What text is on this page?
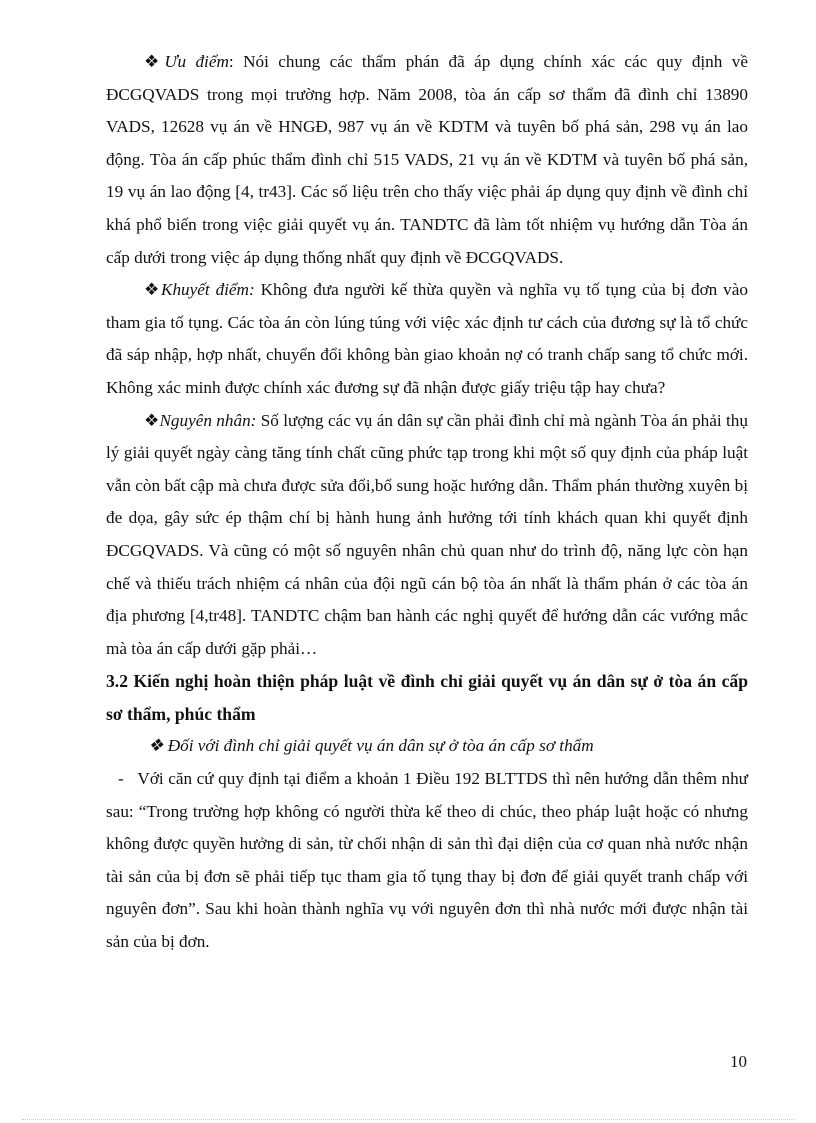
❖Ưu điểm: Nói chung các thẩm phán đã áp dụng chính xác các quy định về ĐCGQVADS trong mọi trường hợp. Năm 2008, tòa án cấp sơ thẩm đã đình chỉ 13890 VADS, 12628 vụ án về HNGĐ, 987 vụ án về KDTM và tuyên bố phá sản, 298 vụ án lao động. Tòa án cấp phúc thẩm đình chỉ 515 VADS, 21 vụ án về KDTM và tuyên bố phá sản, 19 vụ án lao động [4, tr43]. Các số liệu trên cho thấy việc phải áp dụng quy định về đình chỉ khá phổ biến trong việc giải quyết vụ án. TANDTC đã làm tốt nhiệm vụ hướng dẫn Tòa án cấp dưới trong việc áp dụng thống nhất quy định về ĐCGQVADS.

❖Khuyết điểm: Không đưa người kế thừa quyền và nghĩa vụ tố tụng của bị đơn vào tham gia tố tụng. Các tòa án còn lúng túng với việc xác định tư cách của đương sự là tổ chức đã sáp nhập, hợp nhất, chuyển đổi không bàn giao khoản nợ có tranh chấp sang tổ chức mới. Không xác minh được chính xác đương sự đã nhận được giấy triệu tập hay chưa?

❖Nguyên nhân: Số lượng các vụ án dân sự cần phải đình chỉ mà ngành Tòa án phải thụ lý giải quyết ngày càng tăng tính chất cũng phức tạp trong khi một số quy định của pháp luật vẫn còn bất cập mà chưa được sửa đổi,bổ sung hoặc hướng dẫn. Thẩm phán thường xuyên bị đe dọa, gây sức ép thậm chí bị hành hung ảnh hưởng tới tính khách quan khi quyết định ĐCGQVADS. Và cũng có một số nguyên nhân chủ quan như do trình độ, năng lực còn hạn chế và thiếu trách nhiệm cá nhân của đội ngũ cán bộ tòa án nhất là thẩm phán ở các tòa án địa phương [4,tr48]. TANDTC chậm ban hành các nghị quyết để hướng dẫn các vướng mắc mà tòa án cấp dưới gặp phải…

3.2 Kiến nghị hoàn thiện pháp luật về đình chỉ giải quyết vụ án dân sự ở tòa án cấp sơ thẩm, phúc thẩm

❖ Đối với đình chỉ giải quyết vụ án dân sự ở tòa án cấp sơ thẩm

- Với căn cứ quy định tại điểm a khoản 1 Điều 192 BLTTDS thì nên hướng dẫn thêm như sau: “Trong trường hợp không có người thừa kế theo di chúc, theo pháp luật hoặc có nhưng không được quyền hưởng di sản, từ chối nhận di sản thì đại diện của cơ quan nhà nước nhận tài sản của bị đơn sẽ phải tiếp tục tham gia tố tụng thay bị đơn để giải quyết tranh chấp với nguyên đơn”. Sau khi hoàn thành nghĩa vụ với nguyên đơn thì nhà nước mới được nhận tài sản của bị đơn.

10
